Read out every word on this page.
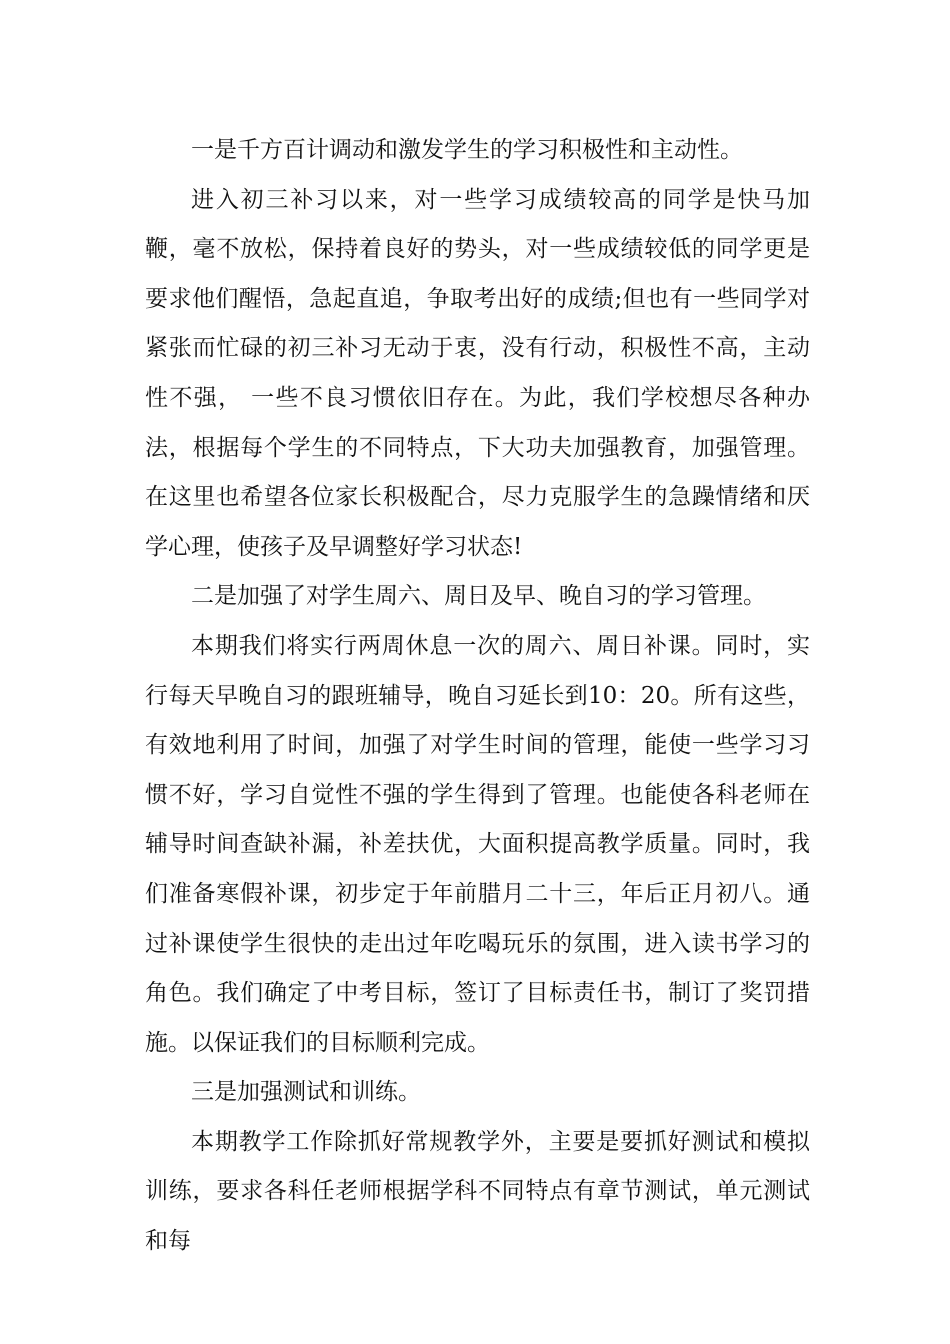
一是千方百计调动和激发学生的学习积极性和主动性。

进入初三补习以来，对一些学习成绩较高的同学是快马加鞭，毫不放松，保持着良好的势头，对一些成绩较低的同学更是要求他们醒悟，急起直追，争取考出好的成绩;但也有一些同学对紧张而忙碌的初三补习无动于衷，没有行动，积极性不高，主动性不强， 一些不良习惯依旧存在。为此，我们学校想尽各种办法，根据每个学生的不同特点，下大功夫加强教育，加强管理。在这里也希望各位家长积极配合，尽力克服学生的急躁情绪和厌学心理，使孩子及早调整好学习状态!

二是加强了对学生周六、周日及早、晚自习的学习管理。

本期我们将实行两周休息一次的周六、周日补课。同时，实行每天早晚自习的跟班辅导，晚自习延长到10：20。所有这些，有效地利用了时间，加强了对学生时间的管理，能使一些学习习惯不好，学习自觉性不强的学生得到了管理。也能使各科老师在辅导时间查缺补漏，补差扶优，大面积提高教学质量。同时，我们准备寒假补课，初步定于年前腊月二十三，年后正月初八。通过补课使学生很快的走出过年吃喝玩乐的氛围，进入读书学习的角色。我们确定了中考目标，签订了目标责任书，制订了奖罚措施。以保证我们的目标顺利完成。

三是加强测试和训练。

本期教学工作除抓好常规教学外，主要是要抓好测试和模拟训练，要求各科任老师根据学科不同特点有章节测试，单元测试和每
